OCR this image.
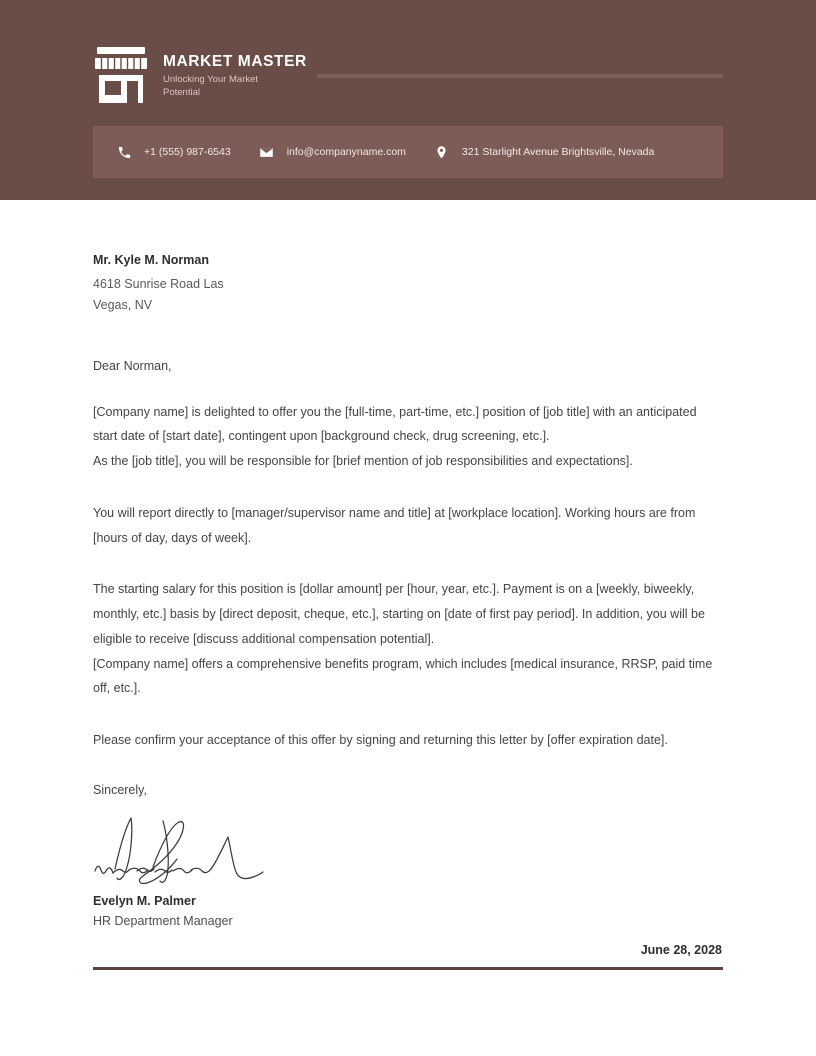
MARKET MASTER
Unlocking Your Market Potential
+1 (555) 987-6543	info@companyname.com	321 Starlight Avenue Brightsville, Nevada
Mr. Kyle M. Norman
4618 Sunrise Road Las
Vegas, NV
Dear Norman,
[Company name] is delighted to offer you the [full-time, part-time, etc.] position of [job title] with an anticipated start date of [start date], contingent upon [background check, drug screening, etc.].
As the [job title], you will be responsible for [brief mention of job responsibilities and expectations].
You will report directly to [manager/supervisor name and title] at [workplace location]. Working hours are from [hours of day, days of week].
The starting salary for this position is [dollar amount] per [hour, year, etc.]. Payment is on a [weekly, biweekly, monthly, etc.] basis by [direct deposit, cheque, etc.], starting on [date of first pay period]. In addition, you will be eligible to receive [discuss additional compensation potential].
[Company name] offers a comprehensive benefits program, which includes [medical insurance, RRSP, paid time off, etc.].
Please confirm your acceptance of this offer by signing and returning this letter by [offer expiration date].
Sincerely,
Evelyn M. Palmer
HR Department Manager
June 28, 2028
